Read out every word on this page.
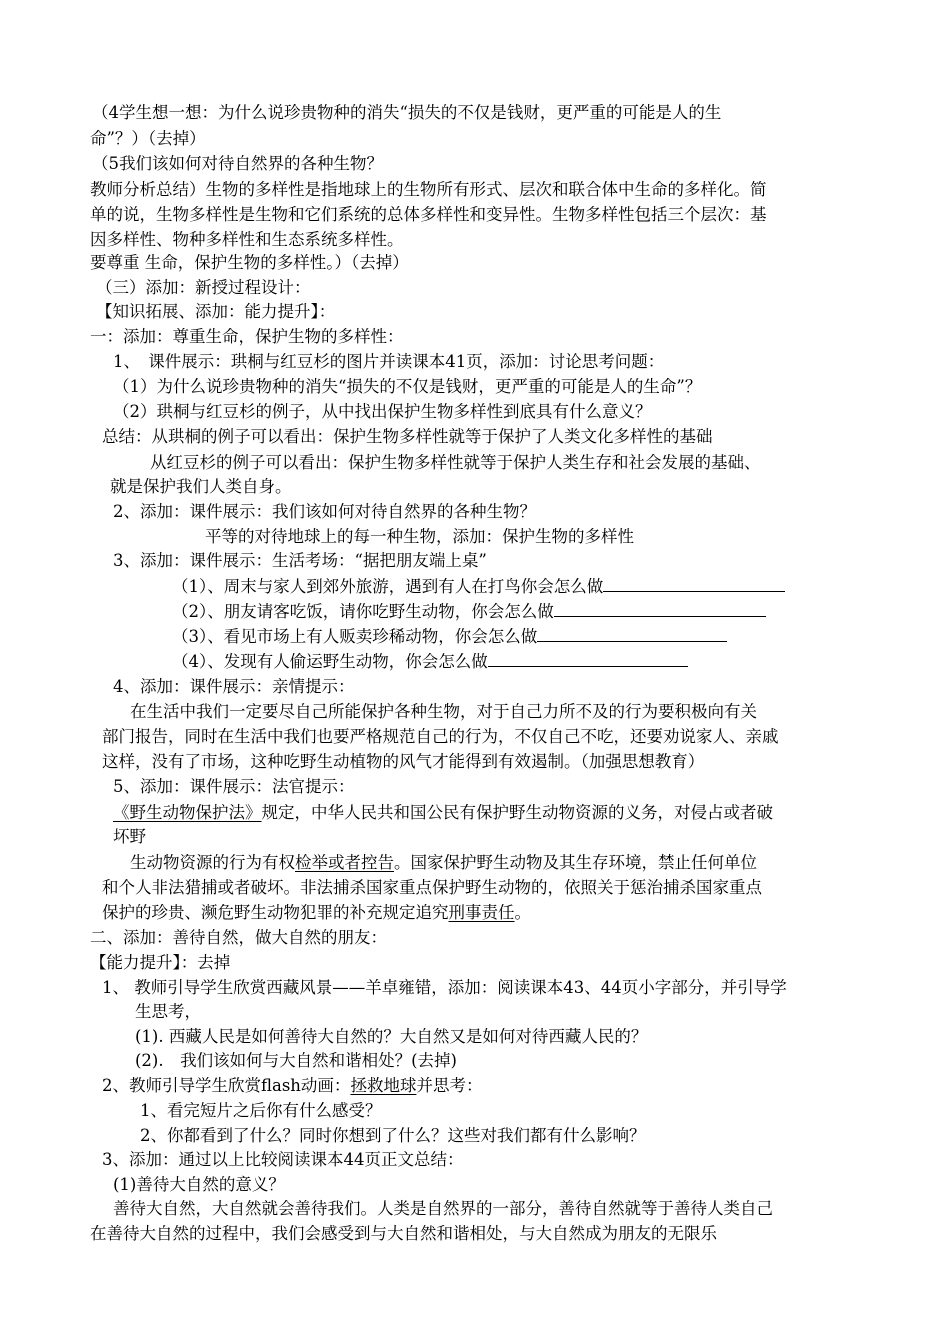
（4学生想一想：为什么说珍贵物种的消失“损失的不仅是钱财，更严重的可能是人的生
命”？）（去掉）
（5我们该如何对待自然界的各种生物？
教师分析总结）生物的多样性是指地球上的生物所有形式、层次和联合体中生命的多样化。简
单的说，生物多样性是生物和它们系统的总体多样性和变异性。生物多样性包括三个层次：基
因多样性、物种多样性和生态系统多样性。
要尊重 生命，保护生物的多样性。）（去掉）
（三）添加：新授过程设计：
【知识拓展、添加：能力提升】：
一：添加：尊重生命，保护生物的多样性：
1、　课件展示：珙桐与红豆杉的图片并读课本41页，添加：讨论思考问题：
（1）为什么说珍贵物种的消失“损失的不仅是钱财，更严重的可能是人的生命”？
（2）珙桐与红豆杉的例子，从中找出保护生物多样性到底具有什么意义？
总结：从珙桐的例子可以看出：保护生物多样性就等于保护了人类文化多样性的基础
从红豆杉的例子可以看出：保护生物多样性就等于保护人类生存和社会发展的基础、
就是保护我们人类自身。
2、添加：课件展示：我们该如何对待自然界的各种生物？
平等的对待地球上的每一种生物，添加：保护生物的多样性
3、添加：课件展示：生活考场：“据把朋友端上桌”
（1）、周末与家人到郊外旅游，遇到有人在打鸟你会怎么做
（2）、朋友请客吃饭，请你吃野生动物，你会怎么做
（3）、看见市场上有人贩卖珍稀动物，你会怎么做
（4）、发现有人偷运野生动物，你会怎么做
4、添加：课件展示：亲情提示：
在生活中我们一定要尽自己所能保护各种生物，对于自己力所不及的行为要积极向有关
部门报告，同时在生活中我们也要严格规范自己的行为，不仅自己不吃，还要劝说家人、亲戚
这样，没有了市场，这种吃野生动植物的风气才能得到有效遏制。（加强思想教育）
5、添加：课件展示：法官提示：
《野生动物保护法》规定，中华人民共和国公民有保护野生动物资源的义务，对侵占或者破
坏野
生动物资源的行为有权检举或者控告。国家保护野生动物及其生存环境，禁止任何单位
和个人非法猎捕或者破坏。非法捕杀国家重点保护野生动物的，依照关于惩治捕杀国家重点
保护的珍贵、濒危野生动物犯罪的补充规定追究刑事责任。
二、添加：善待自然，做大自然的朋友：
【能力提升】：去掉
1、 教师引导学生欣赏西藏风景——羊卓雍错，添加：阅读课本43、44页小字部分，并引导学
生思考，
(1). 西藏人民是如何善待大自然的？大自然又是如何对待西藏人民的？
(2).　我们该如何与大自然和谐相处？(去掉)
2、教师引导学生欣赏flash动画：拯救地球并思考：
1、看完短片之后你有什么感受？
2、你都看到了什么？同时你想到了什么？这些对我们都有什么影响？
3、添加：通过以上比较阅读课本44页正文总结：
(1)善待大自然的意义？
善待大自然，大自然就会善待我们。人类是自然界的一部分，善待自然就等于善待人类自己
在善待大自然的过程中，我们会感受到与大自然和谐相处，与大自然成为朋友的无限乐
